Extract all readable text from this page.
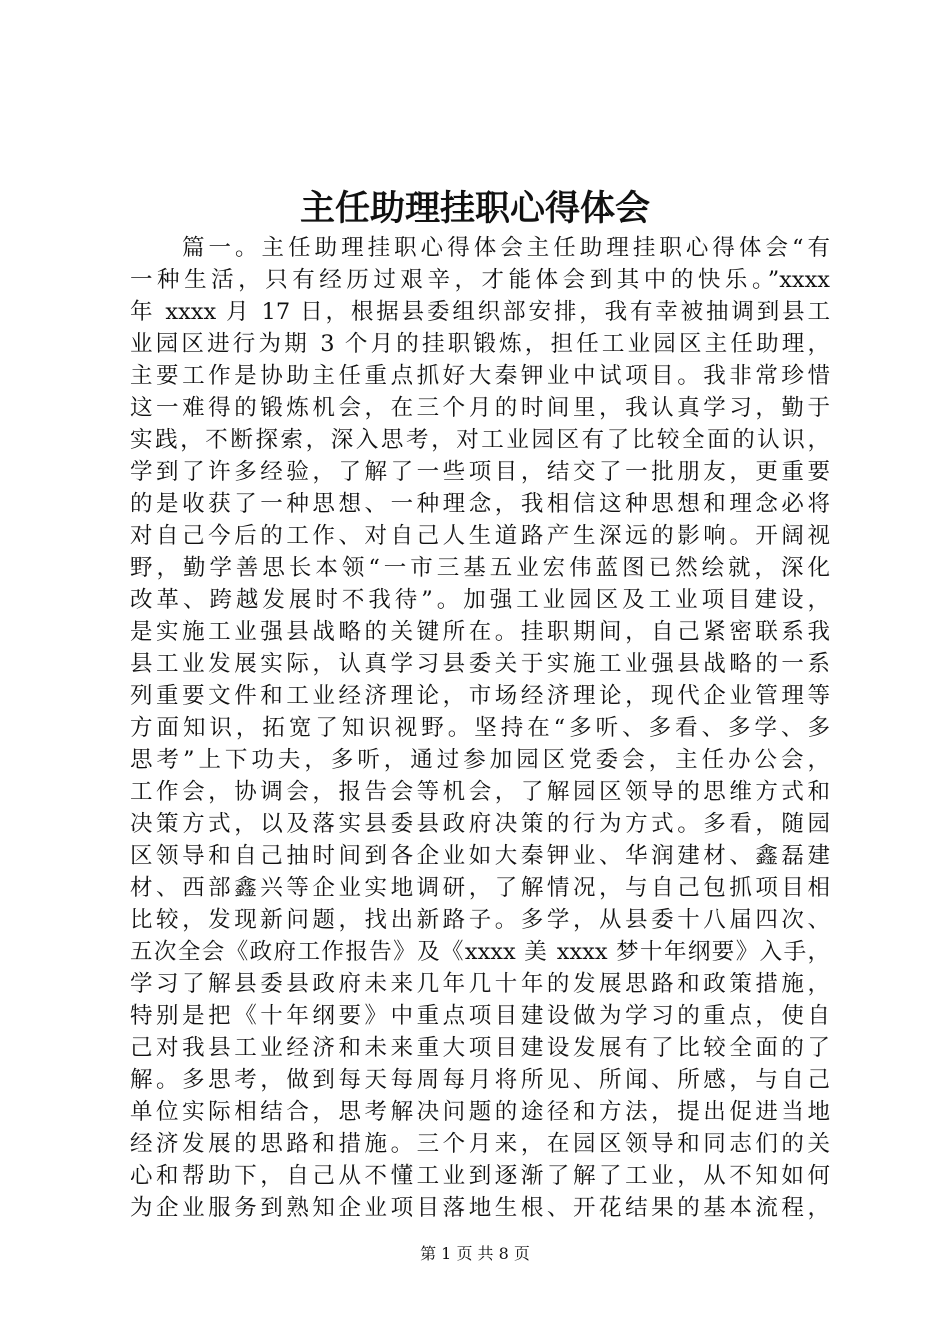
主任助理挂职心得体会
篇一。主任助理挂职心得体会主任助理挂职心得体会“有
一种生活，只有经历过艰辛，才能体会到其中的快乐。”xxxx
年 xxxx 月 17 日，根据县委组织部安排，我有幸被抽调到县工
业园区进行为期 3 个月的挂职锻炼，担任工业园区主任助理，
主要工作是协助主任重点抓好大秦钾业中试项目。我非常珍惜
这一难得的锻炼机会，在三个月的时间里，我认真学习，勤于
实践，不断探索，深入思考，对工业园区有了比较全面的认识，
学到了许多经验，了解了一些项目，结交了一批朋友，更重要
的是收获了一种思想、一种理念，我相信这种思想和理念必将
对自己今后的工作、对自己人生道路产生深远的影响。开阔视
野，勤学善思长本领“一市三基五业宏伟蓝图已然绘就，深化
改革、跨越发展时不我待”。加强工业园区及工业项目建设，
是实施工业强县战略的关键所在。挂职期间，自己紧密联系我
县工业发展实际，认真学习县委关于实施工业强县战略的一系
列重要文件和工业经济理论，市场经济理论，现代企业管理等
方面知识，拓宽了知识视野。坚持在“多听、多看、多学、多
思考”上下功夫，多听，通过参加园区党委会，主任办公会，
工作会，协调会，报告会等机会，了解园区领导的思维方式和
决策方式，以及落实县委县政府决策的行为方式。多看，随园
区领导和自己抽时间到各企业如大秦钾业、华润建材、鑫磊建
材、西部鑫兴等企业实地调研，了解情况，与自己包抓项目相
比较，发现新问题，找出新路子。多学，从县委十八届四次、
五次全会《政府工作报告》及《xxxx 美 xxxx 梦十年纲要》入手，
学习了解县委县政府未来几年几十年的发展思路和政策措施，
特别是把《十年纲要》中重点项目建设做为学习的重点，使自
己对我县工业经济和未来重大项目建设发展有了比较全面的了
解。多思考，做到每天每周每月将所见、所闻、所感，与自己
单位实际相结合，思考解决问题的途径和方法，提出促进当地
经济发展的思路和措施。三个月来，在园区领导和同志们的关
心和帮助下，自己从不懂工业到逐渐了解了工业，从不知如何
为企业服务到熟知企业项目落地生根、开花结果的基本流程，
第 1 页 共 8 页
